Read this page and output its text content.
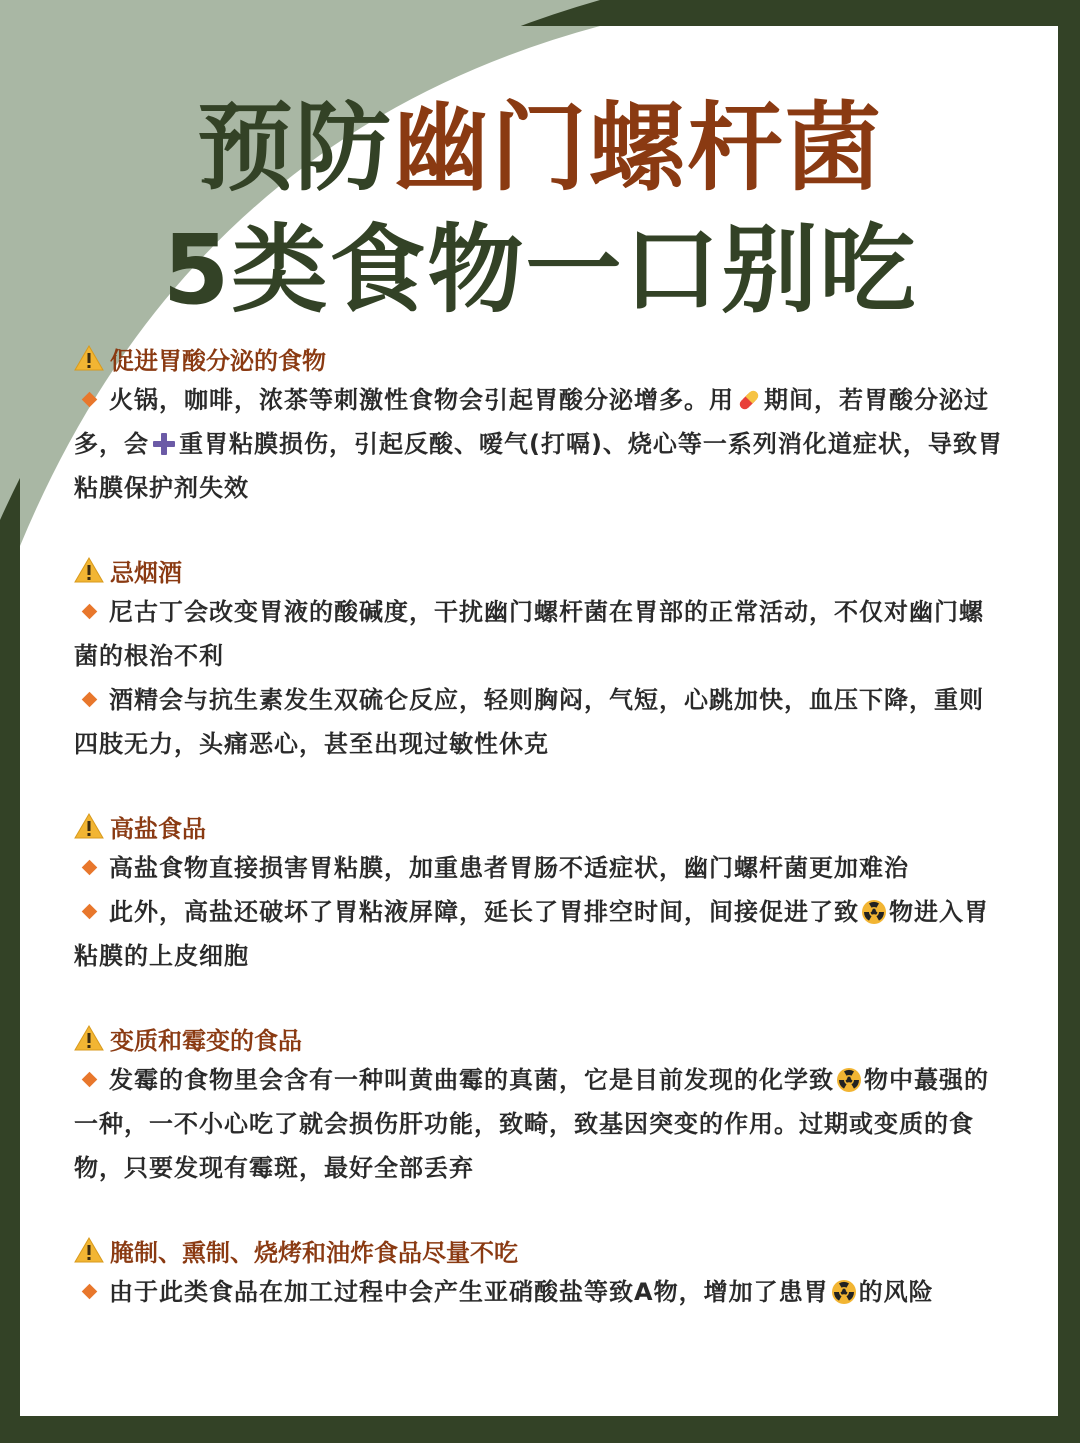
预防幽门螺杆菌
5类食物一口别吃
促进胃酸分泌的食物
火锅，咖啡，浓茶等刺激性食物会引起胃酸分泌增多。用 期间，若胃酸分泌过多，会 重胃粘膜损伤，引起反酸、嗳气(打嗝)、烧心等一系列消化道症状，导致胃粘膜保护剂失效
忌烟酒
尼古丁会改变胃液的酸碱度，干扰幽门螺杆菌在胃部的正常活动，不仅对幽门螺菌的根治不利
酒精会与抗生素发生双硫仑反应，轻则胸闷，气短，心跳加快，血压下降，重则四肢无力，头痛恶心，甚至出现过敏性休克
高盐食品
高盐食物直接损害胃粘膜，加重患者胃肠不适症状，幽门螺杆菌更加难治
此外，高盐还破坏了胃粘液屏障，延长了胃排空时间，间接促进了致 物进入胃粘膜的上皮细胞
变质和霉变的食品
发霉的食物里会含有一种叫黄曲霉的真菌，它是目前发现的化学致 物中蕞强的一种，一不小心吃了就会损伤肝功能，致畸，致基因突变的作用。过期或变质的食物，只要发现有霉斑，最好全部丢弃
腌制、熏制、烧烤和油炸食品尽量不吃
由于此类食品在加工过程中会产生亚硝酸盐等致A物，增加了患胃 的风险
